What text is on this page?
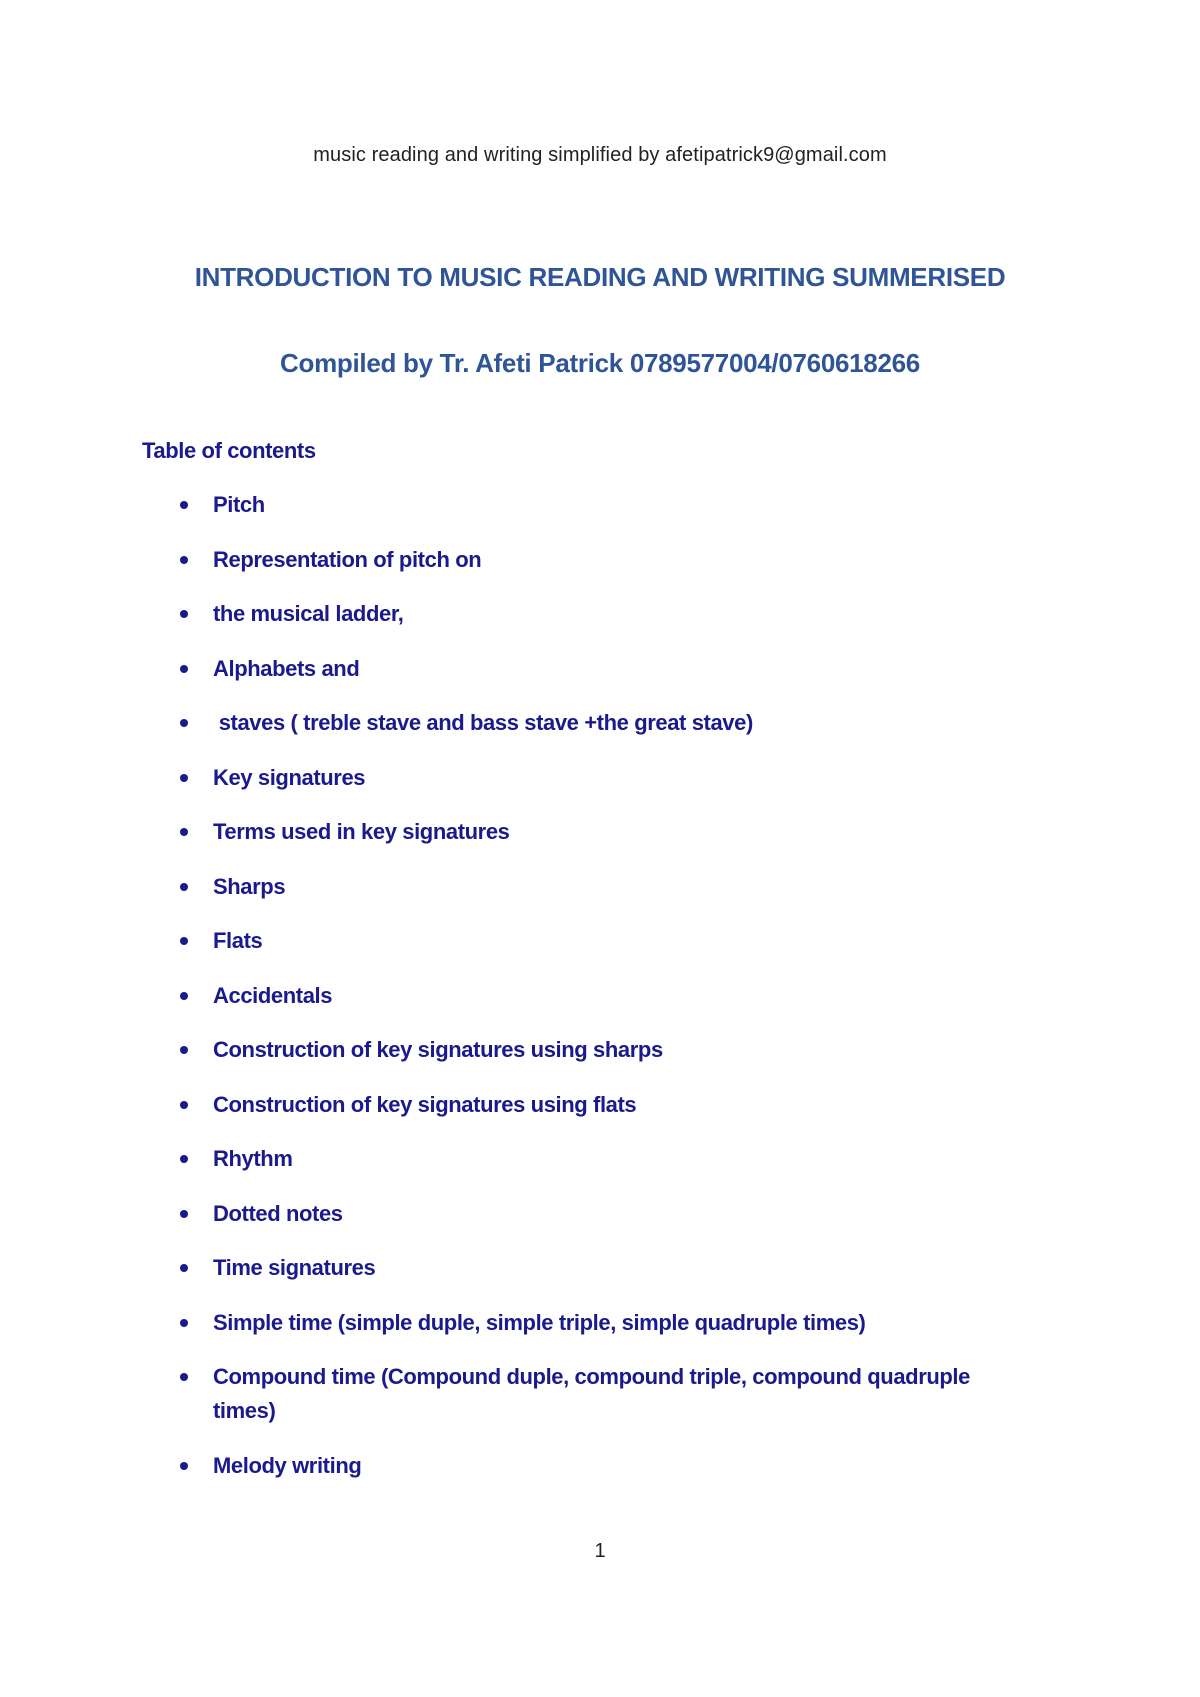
music reading and writing simplified by afetipatrick9@gmail.com
INTRODUCTION TO MUSIC READING AND WRITING SUMMERISED
Compiled by Tr. Afeti Patrick 0789577004/0760618266
Table of contents
Pitch
Representation of pitch on
the musical ladder,
Alphabets and
staves ( treble stave and bass stave +the great stave)
Key signatures
Terms used in key signatures
Sharps
Flats
Accidentals
Construction of key signatures using sharps
Construction of key signatures using flats
Rhythm
Dotted notes
Time signatures
Simple time (simple duple, simple triple, simple quadruple times)
Compound time (Compound duple, compound triple, compound quadruple times)
Melody writing
1
